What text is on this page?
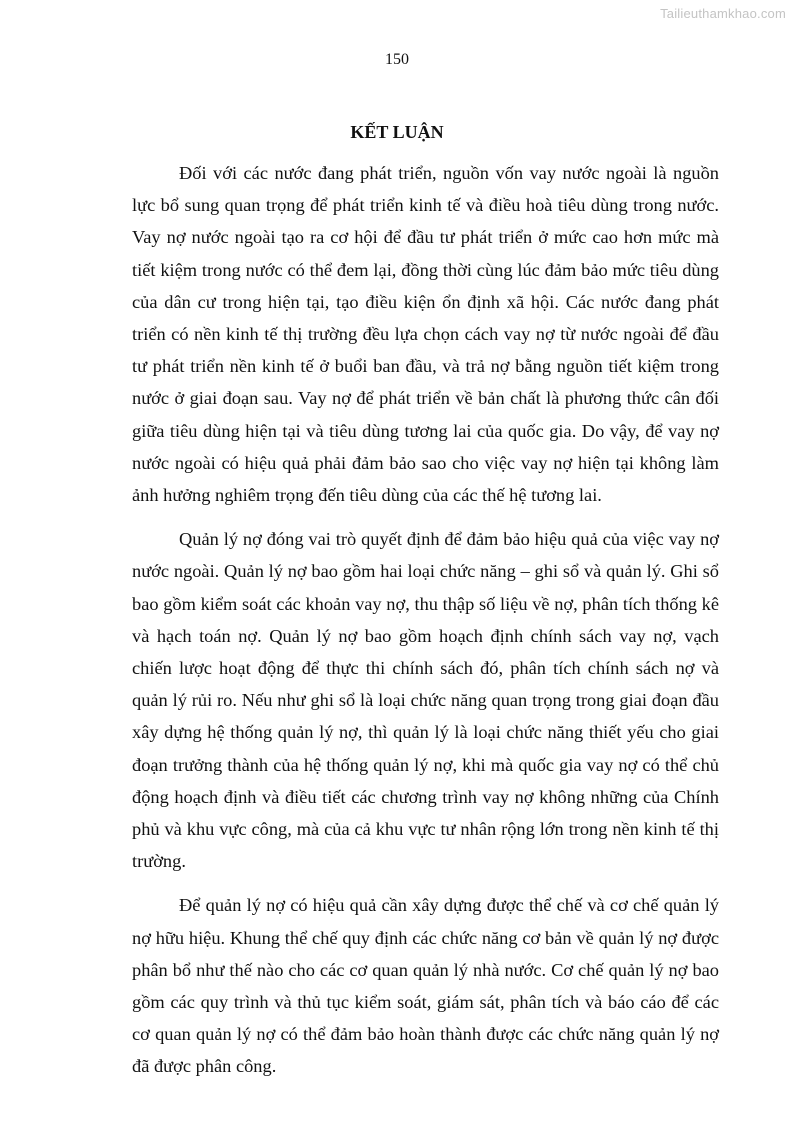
Tailieuthamkhao.com
150
KẾT LUẬN

Đối với các nước đang phát triển, nguồn vốn vay nước ngoài là nguồn lực bổ sung quan trọng để phát triển kinh tế và điều hoà tiêu dùng trong nước. Vay nợ nước ngoài tạo ra cơ hội để đầu tư phát triển ở mức cao hơn mức mà tiết kiệm trong nước có thể đem lại, đồng thời cùng lúc đảm bảo mức tiêu dùng của dân cư trong hiện tại, tạo điều kiện ổn định xã hội. Các nước đang phát triển có nền kinh tế thị trường đều lựa chọn cách vay nợ từ nước ngoài để đầu tư phát triển nền kinh tế ở buổi ban đầu, và trả nợ bằng nguồn tiết kiệm trong nước ở giai đoạn sau. Vay nợ để phát triển về bản chất là phương thức cân đối giữa tiêu dùng hiện tại và tiêu dùng tương lai của quốc gia. Do vậy, để vay nợ nước ngoài có hiệu quả phải đảm bảo sao cho việc vay nợ hiện tại không làm ảnh hưởng nghiêm trọng đến tiêu dùng của các thế hệ tương lai.

Quản lý nợ đóng vai trò quyết định để đảm bảo hiệu quả của việc vay nợ nước ngoài. Quản lý nợ bao gồm hai loại chức năng – ghi sổ và quản lý. Ghi sổ bao gồm kiểm soát các khoản vay nợ, thu thập số liệu về nợ, phân tích thống kê và hạch toán nợ. Quản lý nợ bao gồm hoạch định chính sách vay nợ, vạch chiến lược hoạt động để thực thi chính sách đó, phân tích chính sách nợ và quản lý rủi ro. Nếu như ghi sổ là loại chức năng quan trọng trong giai đoạn đầu xây dựng hệ thống quản lý nợ, thì quản lý là loại chức năng thiết yếu cho giai đoạn trưởng thành của hệ thống quản lý nợ, khi mà quốc gia vay nợ có thể chủ động hoạch định và điều tiết các chương trình vay nợ không những của Chính phủ và khu vực công, mà của cả khu vực tư nhân rộng lớn trong nền kinh tế thị trường.

Để quản lý nợ có hiệu quả cần xây dựng được thể chế và cơ chế quản lý nợ hữu hiệu. Khung thể chế quy định các chức năng cơ bản về quản lý nợ được phân bổ như thế nào cho các cơ quan quản lý nhà nước. Cơ chế quản lý nợ bao gồm các quy trình và thủ tục kiểm soát, giám sát, phân tích và báo cáo để các cơ quan quản lý nợ có thể đảm bảo hoàn thành được các chức năng quản lý nợ đã được phân công.
